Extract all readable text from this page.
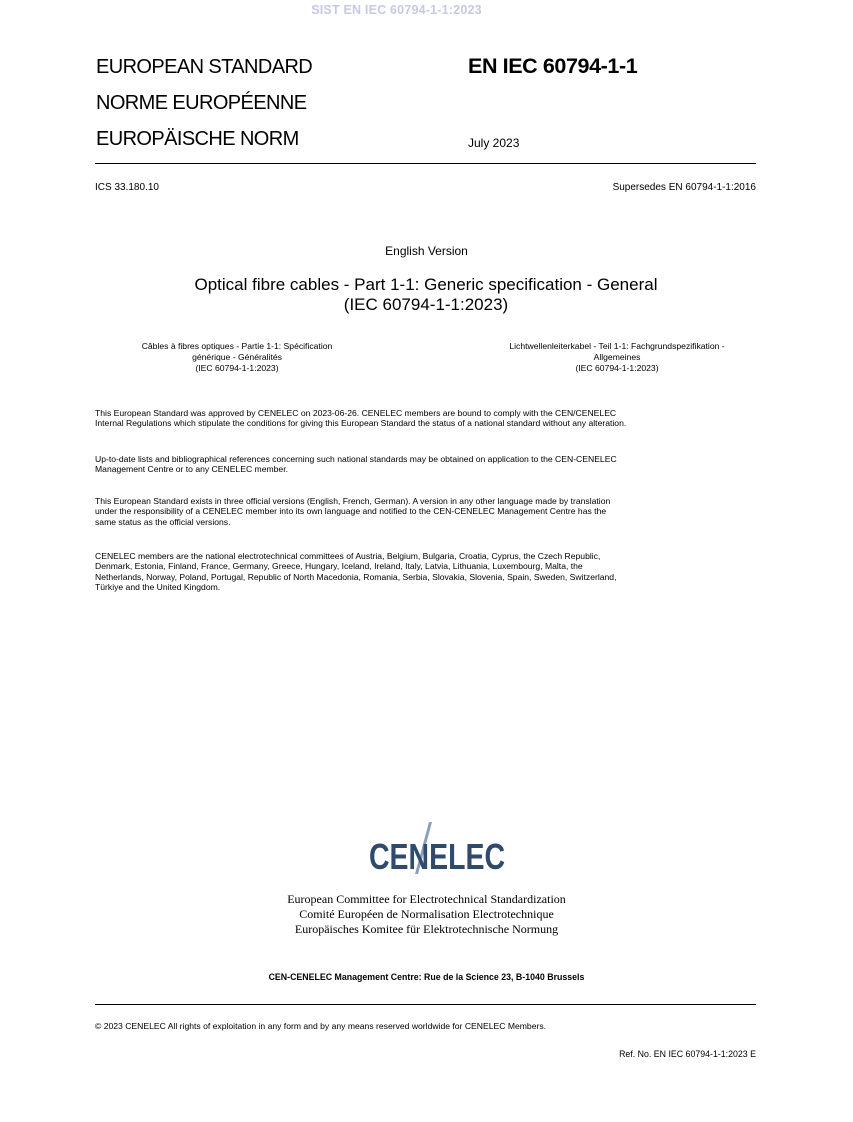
SIST EN IEC 60794-1-1:2023
EUROPEAN STANDARD
NORME EUROPÉENNE
EUROPÄISCHE NORM
EN IEC 60794-1-1
July 2023
ICS 33.180.10	Supersedes EN 60794-1-1:2016
English Version
Optical fibre cables - Part 1-1: Generic specification - General
(IEC 60794-1-1:2023)
Câbles à fibres optiques - Partie 1-1: Spécification
générique - Généralités
(IEC 60794-1-1:2023)
Lichtwellenleiterkabel - Teil 1-1: Fachgrundspezifikation -
Allgemeines
(IEC 60794-1-1:2023)
This European Standard was approved by CENELEC on 2023-06-26. CENELEC members are bound to comply with the CEN/CENELEC
Internal Regulations which stipulate the conditions for giving this European Standard the status of a national standard without any alteration.
Up-to-date lists and bibliographical references concerning such national standards may be obtained on application to the CEN-CENELEC
Management Centre or to any CENELEC member.
This European Standard exists in three official versions (English, French, German). A version in any other language made by translation
under the responsibility of a CENELEC member into its own language and notified to the CEN-CENELEC Management Centre has the
same status as the official versions.
CENELEC members are the national electrotechnical committees of Austria, Belgium, Bulgaria, Croatia, Cyprus, the Czech Republic,
Denmark, Estonia, Finland, France, Germany, Greece, Hungary, Iceland, Ireland, Italy, Latvia, Lithuania, Luxembourg, Malta, the
Netherlands, Norway, Poland, Portugal, Republic of North Macedonia, Romania, Serbia, Slovakia, Slovenia, Spain, Sweden, Switzerland,
Türkiye and the United Kingdom.
CENELEC
European Committee for Electrotechnical Standardization
Comité Européen de Normalisation Electrotechnique
Europäisches Komitee für Elektrotechnische Normung
CEN-CENELEC Management Centre: Rue de la Science 23, B-1040 Brussels
© 2023 CENELEC All rights of exploitation in any form and by any means reserved worldwide for CENELEC Members.
Ref. No. EN IEC 60794-1-1:2023 E
